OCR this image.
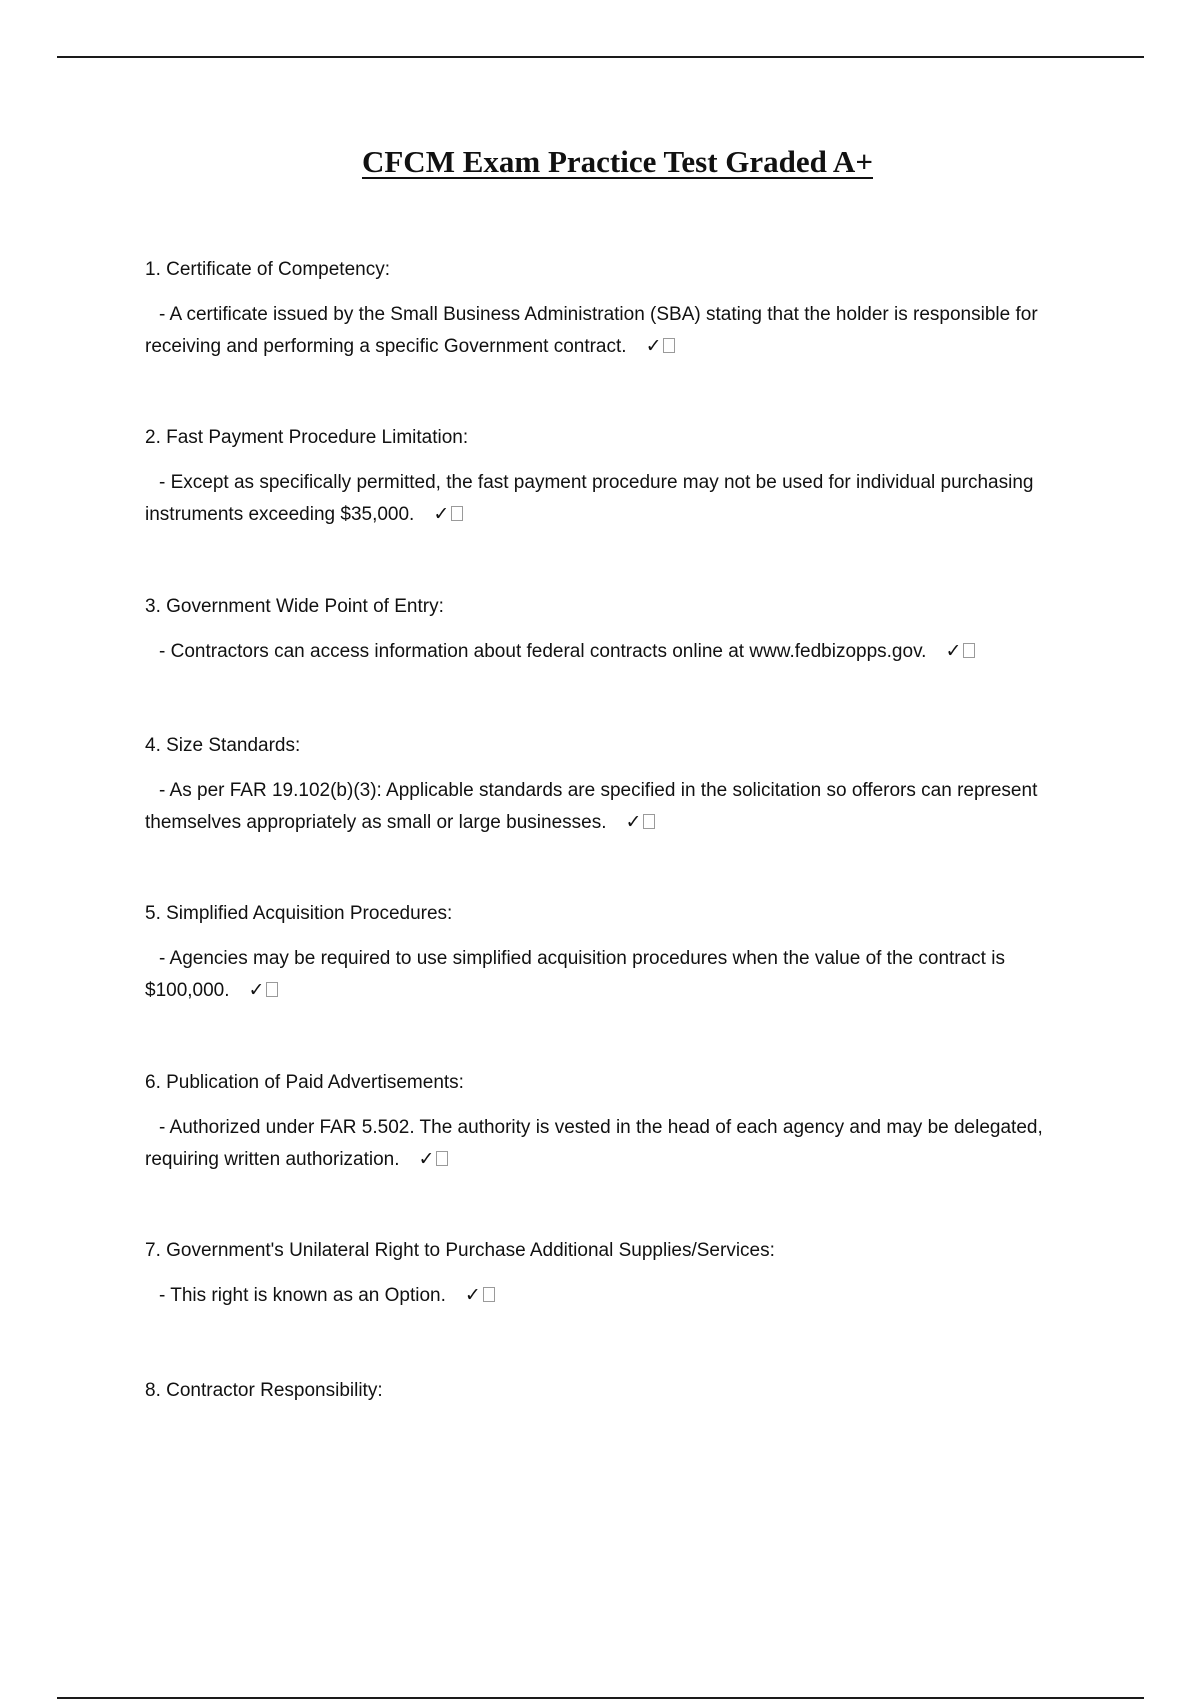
CFCM Exam Practice Test Graded A+

1. Certificate of Competency:

- A certificate issued by the Small Business Administration (SBA) stating that the holder is responsible for receiving and performing a specific Government contract. ✓

2. Fast Payment Procedure Limitation:

- Except as specifically permitted, the fast payment procedure may not be used for individual purchasing instruments exceeding $35,000. ✓

3. Government Wide Point of Entry:

- Contractors can access information about federal contracts online at www.fedbizopps.gov. ✓

4. Size Standards:

- As per FAR 19.102(b)(3): Applicable standards are specified in the solicitation so offerors can represent themselves appropriately as small or large businesses. ✓

5. Simplified Acquisition Procedures:

- Agencies may be required to use simplified acquisition procedures when the value of the contract is $100,000. ✓

6. Publication of Paid Advertisements:

- Authorized under FAR 5.502. The authority is vested in the head of each agency and may be delegated, requiring written authorization. ✓

7. Government's Unilateral Right to Purchase Additional Supplies/Services:

- This right is known as an Option. ✓

8. Contractor Responsibility:
